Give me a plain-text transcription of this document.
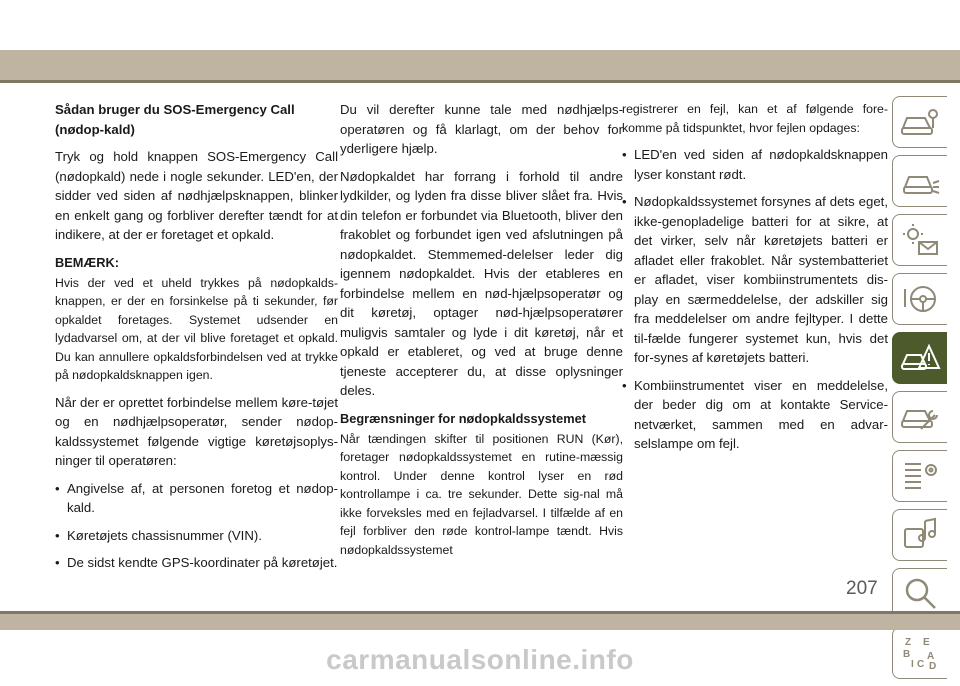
Sådan bruger du SOS-Emergency Call (nødop-kald)

Tryk og hold knappen SOS-Emergency Call (nødopkald) nede i nogle sekunder. LED'en, der sidder ved siden af nødhjælpsknappen, blinker en enkelt gang og forbliver derefter tændt for at indikere, at der er foretaget et opkald.

BEMÆRK:

Hvis der ved et uheld trykkes på nødopkalds-knappen, er der en forsinkelse på ti sekunder, før opkaldet foretages. Systemet udsender en lydadvarsel om, at der vil blive foretaget et opkald. Du kan annullere opkaldsforbindelsen ved at trykke på nødopkaldsknappen igen.

Når der er oprettet forbindelse mellem køre-tøjet og en nødhjælpsoperatør, sender nødop-kaldssystemet følgende vigtige køretøjsoplys-ninger til operatøren:

• Angivelse af, at personen foretog et nødop-kald.
• Køretøjets chassisnummer (VIN).
• De sidst kendte GPS-koordinater på køretøjet.

Du vil derefter kunne tale med nødhjælps-operatøren og få klarlagt, om der behov for yderligere hjælp.

Nødopkaldet har forrang i forhold til andre lydkilder, og lyden fra disse bliver slået fra. Hvis din telefon er forbundet via Bluetooth, bliver den frakoblet og forbundet igen ved afslutningen på nødopkaldet. Stemmemed-delelser leder dig igennem nødopkaldet. Hvis der etableres en forbindelse mellem en nød-hjælpsoperatør og dit køretøj, optager nød-hjælpsoperatører muligvis samtaler og lyde i dit køretøj, når et opkald er etableret, og ved at bruge denne tjeneste accepterer du, at disse oplysninger deles.

Begrænsninger for nødopkaldssystemet

Når tændingen skifter til positionen RUN (Kør), foretager nødopkaldssystemet en rutine-mæssig kontrol. Under denne kontrol lyser en rød kontrollampe i ca. tre sekunder. Dette sig-nal må ikke forveksles med en fejladvarsel. I tilfælde af en fejl forbliver den røde kontrol-lampe tændt. Hvis nødopkaldssystemet

registrerer en fejl, kan et af følgende fore-komme på tidspunktet, hvor fejlen opdages:

• LED'en ved siden af nødopkaldsknappen lyser konstant rødt.
• Nødopkaldssystemet forsynes af dets eget, ikke-genopladelige batteri for at sikre, at det virker, selv når køretøjets batteri er afladet eller frakoblet. Når systembatteriet er afladet, viser kombiinstrumentets dis-play en særmeddelelse, der adskiller sig fra meddelelser om andre fejltyper. I dette til-fælde fungerer systemet kun, hvis det for-synes af køretøjets batteri.
• Kombiinstrumentet viser en meddelelse, der beder dig om at kontakte Service-netværket, sammen med en advar-selslampe om fejl.
Z E
B A
I C D
207
carmanualsonline.info
